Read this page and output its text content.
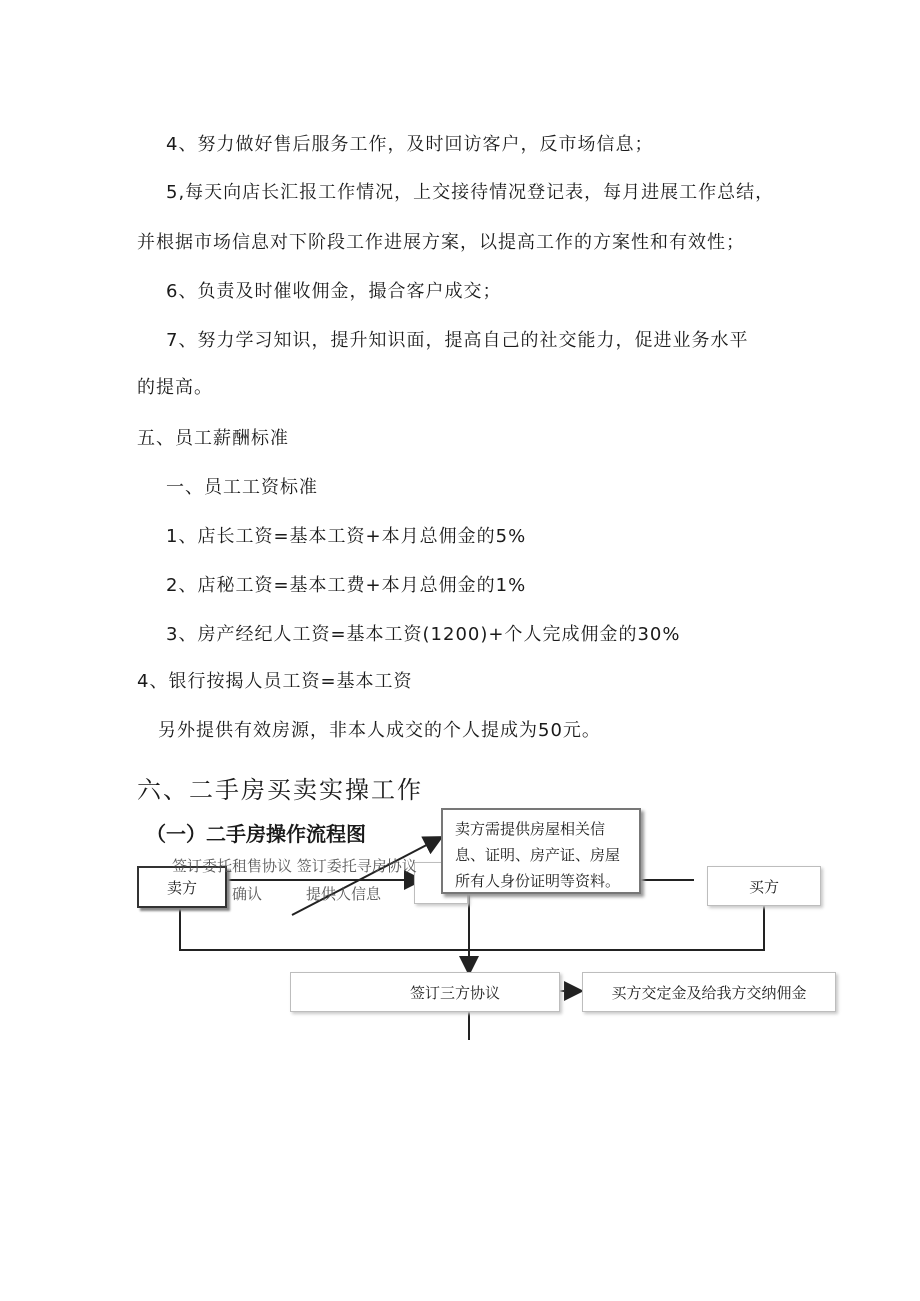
4、努力做好售后服务工作，及时回访客户，反市场信息；
5,每天向店长汇报工作情况，上交接待情况登记表，每月进展工作总结，
并根据市场信息对下阶段工作进展方案，以提高工作的方案性和有效性；
6、负责及时催收佣金，撮合客户成交；
7、努力学习知识，提升知识面，提高自己的社交能力，促进业务水平
的提高。
五、员工薪酬标准
一、员工工资标准
1、店长工资=基本工资+本月总佣金的5%
2、店秘工资=基本工费+本月总佣金的1%
3、房产经纪人工资=基本工资(1200)+个人完成佣金的30%
4、银行按揭人员工资=基本工资
另外提供有效房源，非本人成交的个人提成为50元。
六、二手房买卖实操工作
（一）二手房操作流程图
卖方	买方
签订委托租售协议 签订委托寻房协议
确认	提供人信息
卖方需提供房屋相关信
息、证明、房产证、房屋
所有人身份证明等资料。
签订三方协议	买方交定金及给我方交纳佣金
